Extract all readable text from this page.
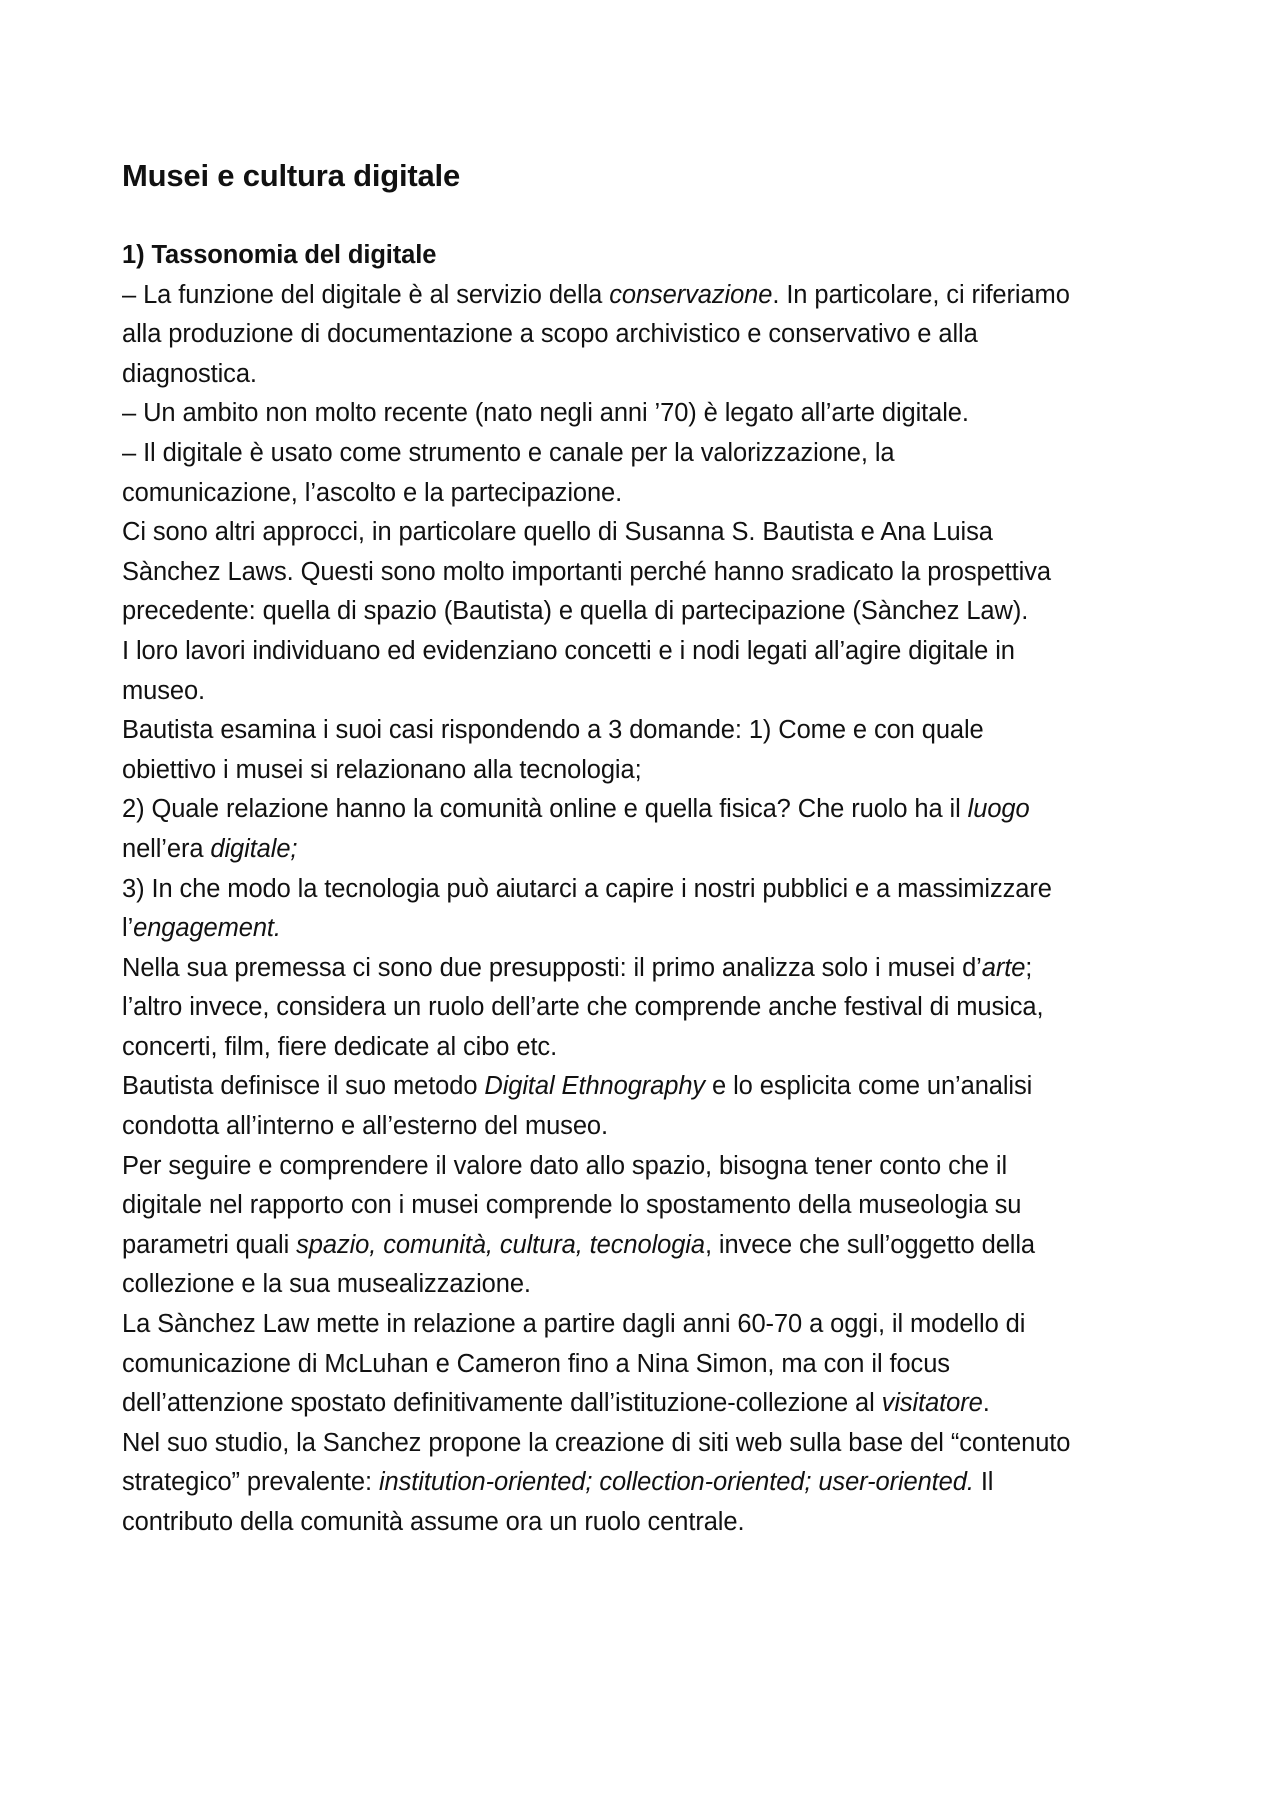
Musei e cultura digitale
1) Tassonomia del digitale
– La funzione del digitale è al servizio della conservazione. In particolare, ci riferiamo
alla produzione di documentazione a scopo archivistico e conservativo e alla
diagnostica.
– Un ambito non molto recente (nato negli anni ’70) è legato all’arte digitale.
– Il digitale è usato come strumento e canale per la valorizzazione, la
comunicazione, l’ascolto e la partecipazione.
Ci sono altri approcci, in particolare quello di Susanna S. Bautista e Ana Luisa
Sànchez Laws. Questi sono molto importanti perché hanno sradicato la prospettiva
precedente: quella di spazio (Bautista) e quella di partecipazione (Sànchez Law).
I loro lavori individuano ed evidenziano concetti e i nodi legati all’agire digitale in
museo.
Bautista esamina i suoi casi rispondendo a 3 domande: 1) Come e con quale
obiettivo i musei si relazionano alla tecnologia;
2) Quale relazione hanno la comunità online e quella fisica? Che ruolo ha il luogo
nell’era digitale;
3) In che modo la tecnologia può aiutarci a capire i nostri pubblici e a massimizzare
l’engagement.
Nella sua premessa ci sono due presupposti: il primo analizza solo i musei d’arte;
l’altro invece, considera un ruolo dell’arte che comprende anche festival di musica,
concerti, film, fiere dedicate al cibo etc.
Bautista definisce il suo metodo Digital Ethnography e lo esplicita come un’analisi
condotta all’interno e all’esterno del museo.
Per seguire e comprendere il valore dato allo spazio, bisogna tener conto che il
digitale nel rapporto con i musei comprende lo spostamento della museologia su
parametri quali spazio, comunità, cultura, tecnologia, invece che sull’oggetto della
collezione e la sua musealizzazione.
La Sànchez Law mette in relazione a partire dagli anni 60-70 a oggi, il modello di
comunicazione di McLuhan e Cameron fino a Nina Simon, ma con il focus
dell’attenzione spostato definitivamente dall’istituzione-collezione al visitatore.
Nel suo studio, la Sanchez propone la creazione di siti web sulla base del “contenuto
strategico” prevalente: institution-oriented; collection-oriented; user-oriented. Il
contributo della comunità assume ora un ruolo centrale.
